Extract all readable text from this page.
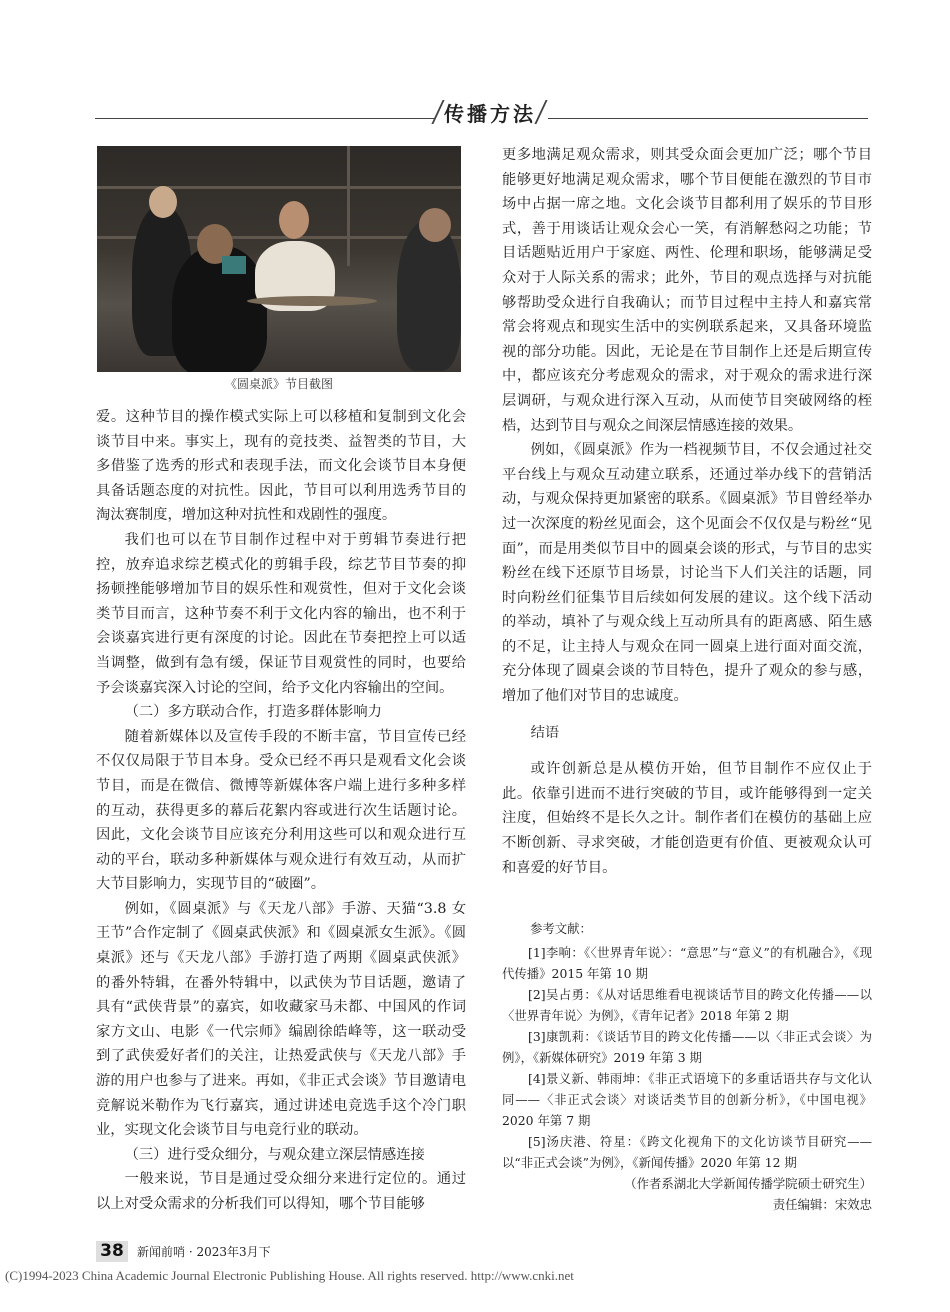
传播方法
《圆桌派》节目截图

爱。这种节目的操作模式实际上可以移植和复制到文化会谈节目中来。事实上，现有的竞技类、益智类的节目，大多借鉴了选秀的形式和表现手法，而文化会谈节目本身便具备话题态度的对抗性。因此，节目可以利用选秀节目的淘汰赛制度，增加这种对抗性和戏剧性的强度。

我们也可以在节目制作过程中对于剪辑节奏进行把控，放弃追求综艺模式化的剪辑手段，综艺节目节奏的抑扬顿挫能够增加节目的娱乐性和观赏性，但对于文化会谈类节目而言，这种节奏不利于文化内容的输出，也不利于会谈嘉宾进行更有深度的讨论。因此在节奏把控上可以适当调整，做到有急有缓，保证节目观赏性的同时，也要给予会谈嘉宾深入讨论的空间，给予文化内容输出的空间。

（二）多方联动合作，打造多群体影响力

随着新媒体以及宣传手段的不断丰富，节目宣传已经不仅仅局限于节目本身。受众已经不再只是观看文化会谈节目，而是在微信、微博等新媒体客户端上进行多种多样的互动，获得更多的幕后花絮内容或进行次生话题讨论。因此，文化会谈节目应该充分利用这些可以和观众进行互动的平台，联动多种新媒体与观众进行有效互动，从而扩大节目影响力，实现节目的“破圈”。

例如，《圆桌派》与《天龙八部》手游、天猫“3.8 女王节”合作定制了《圆桌武侠派》和《圆桌派女生派》。《圆桌派》还与《天龙八部》手游打造了两期《圆桌武侠派》的番外特辑，在番外特辑中，以武侠为节目话题，邀请了具有“武侠背景”的嘉宾，如收藏家马未都、中国风的作词家方文山、电影《一代宗师》编剧徐皓峰等，这一联动受到了武侠爱好者们的关注，让热爱武侠与《天龙八部》手游的用户也参与了进来。再如，《非正式会谈》节目邀请电竞解说米勒作为飞行嘉宾，通过讲述电竞选手这个冷门职业，实现文化会谈节目与电竞行业的联动。

（三）进行受众细分，与观众建立深层情感连接

一般来说，节目是通过受众细分来进行定位的。通过以上对受众需求的分析我们可以得知，哪个节目能够

更多地满足观众需求，则其受众面会更加广泛；哪个节目能够更好地满足观众需求，哪个节目便能在激烈的节目市场中占据一席之地。文化会谈节目都利用了娱乐的节目形式，善于用谈话让观众会心一笑，有消解愁闷之功能；节目话题贴近用户于家庭、两性、伦理和职场，能够满足受众对于人际关系的需求；此外，节目的观点选择与对抗能够帮助受众进行自我确认；而节目过程中主持人和嘉宾常常会将观点和现实生活中的实例联系起来，又具备环境监视的部分功能。因此，无论是在节目制作上还是后期宣传中，都应该充分考虑观众的需求，对于观众的需求进行深层调研，与观众进行深入互动，从而使节目突破网络的桎梏，达到节目与观众之间深层情感连接的效果。

例如，《圆桌派》作为一档视频节目，不仅会通过社交平台线上与观众互动建立联系，还通过举办线下的营销活动，与观众保持更加紧密的联系。《圆桌派》节目曾经举办过一次深度的粉丝见面会，这个见面会不仅仅是与粉丝“见面”，而是用类似节目中的圆桌会谈的形式，与节目的忠实粉丝在线下还原节目场景，讨论当下人们关注的话题，同时向粉丝们征集节目后续如何发展的建议。这个线下活动的举动，填补了与观众线上互动所具有的距离感、陌生感的不足，让主持人与观众在同一圆桌上进行面对面交流，充分体现了圆桌会谈的节目特色，提升了观众的参与感，增加了他们对节目的忠诚度。

结语

或许创新总是从模仿开始，但节目制作不应仅止于此。依靠引进而不进行突破的节目，或许能够得到一定关注度，但始终不是长久之计。制作者们在模仿的基础上应不断创新、寻求突破，才能创造更有价值、更被观众认可和喜爱的好节目。

参考文献：

[1]李响：《〈世界青年说〉：“意思”与“意义”的有机融合》，《现代传播》2015 年第 10 期

[2]吴占勇：《从对话思维看电视谈话节目的跨文化传播——以〈世界青年说〉为例》，《青年记者》2018 年第 2 期

[3]康凯莉：《谈话节目的跨文化传播——以〈非正式会谈〉为例》，《新媒体研究》2019 年第 3 期

[4]景义新、韩雨坤：《非正式语境下的多重话语共存与文化认同——〈非正式会谈〉对谈话类节目的创新分析》，《中国电视》2020 年第 7 期

[5]汤庆港、符星：《跨文化视角下的文化访谈节目研究——以“非正式会谈”为例》，《新闻传播》2020 年第 12 期

（作者系湖北大学新闻传播学院硕士研究生）

责任编辑：宋效忠

38	新闻前哨 · 2023年3月下
(C)1994-2023 China Academic Journal Electronic Publishing House. All rights reserved. http://www.cnki.net
